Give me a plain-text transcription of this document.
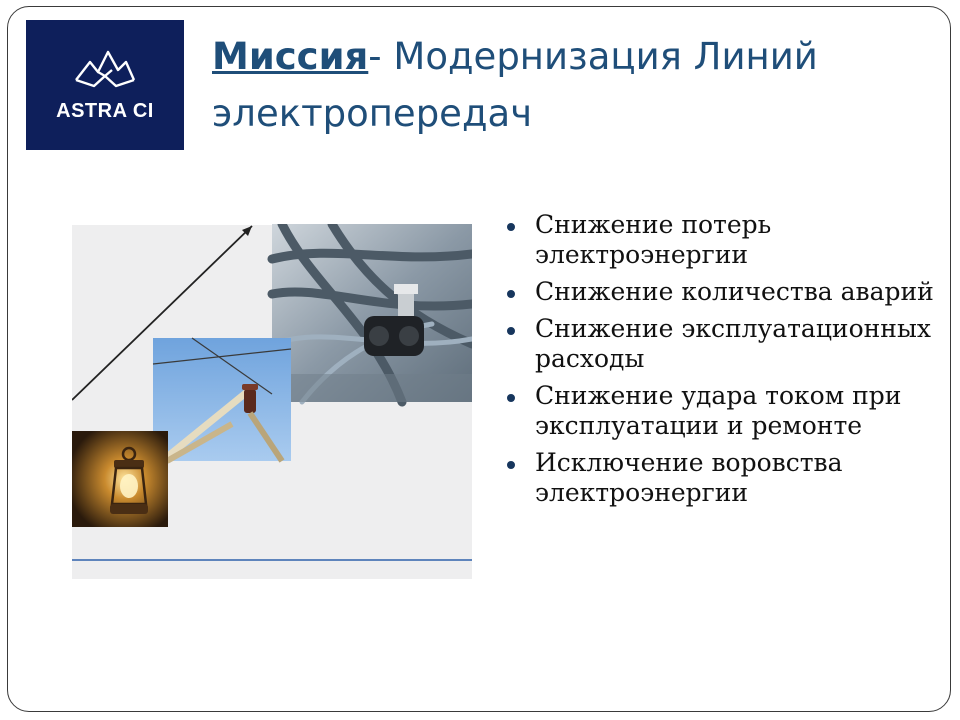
ASTRA CI
Миссия- Модернизация Линий электропередач
Снижение потерь электроэнергии
Снижение количества аварий
Снижение эксплуатационных расходы
Снижение удара током при эксплуатации и ремонте
Исключение воровства электроэнергии
